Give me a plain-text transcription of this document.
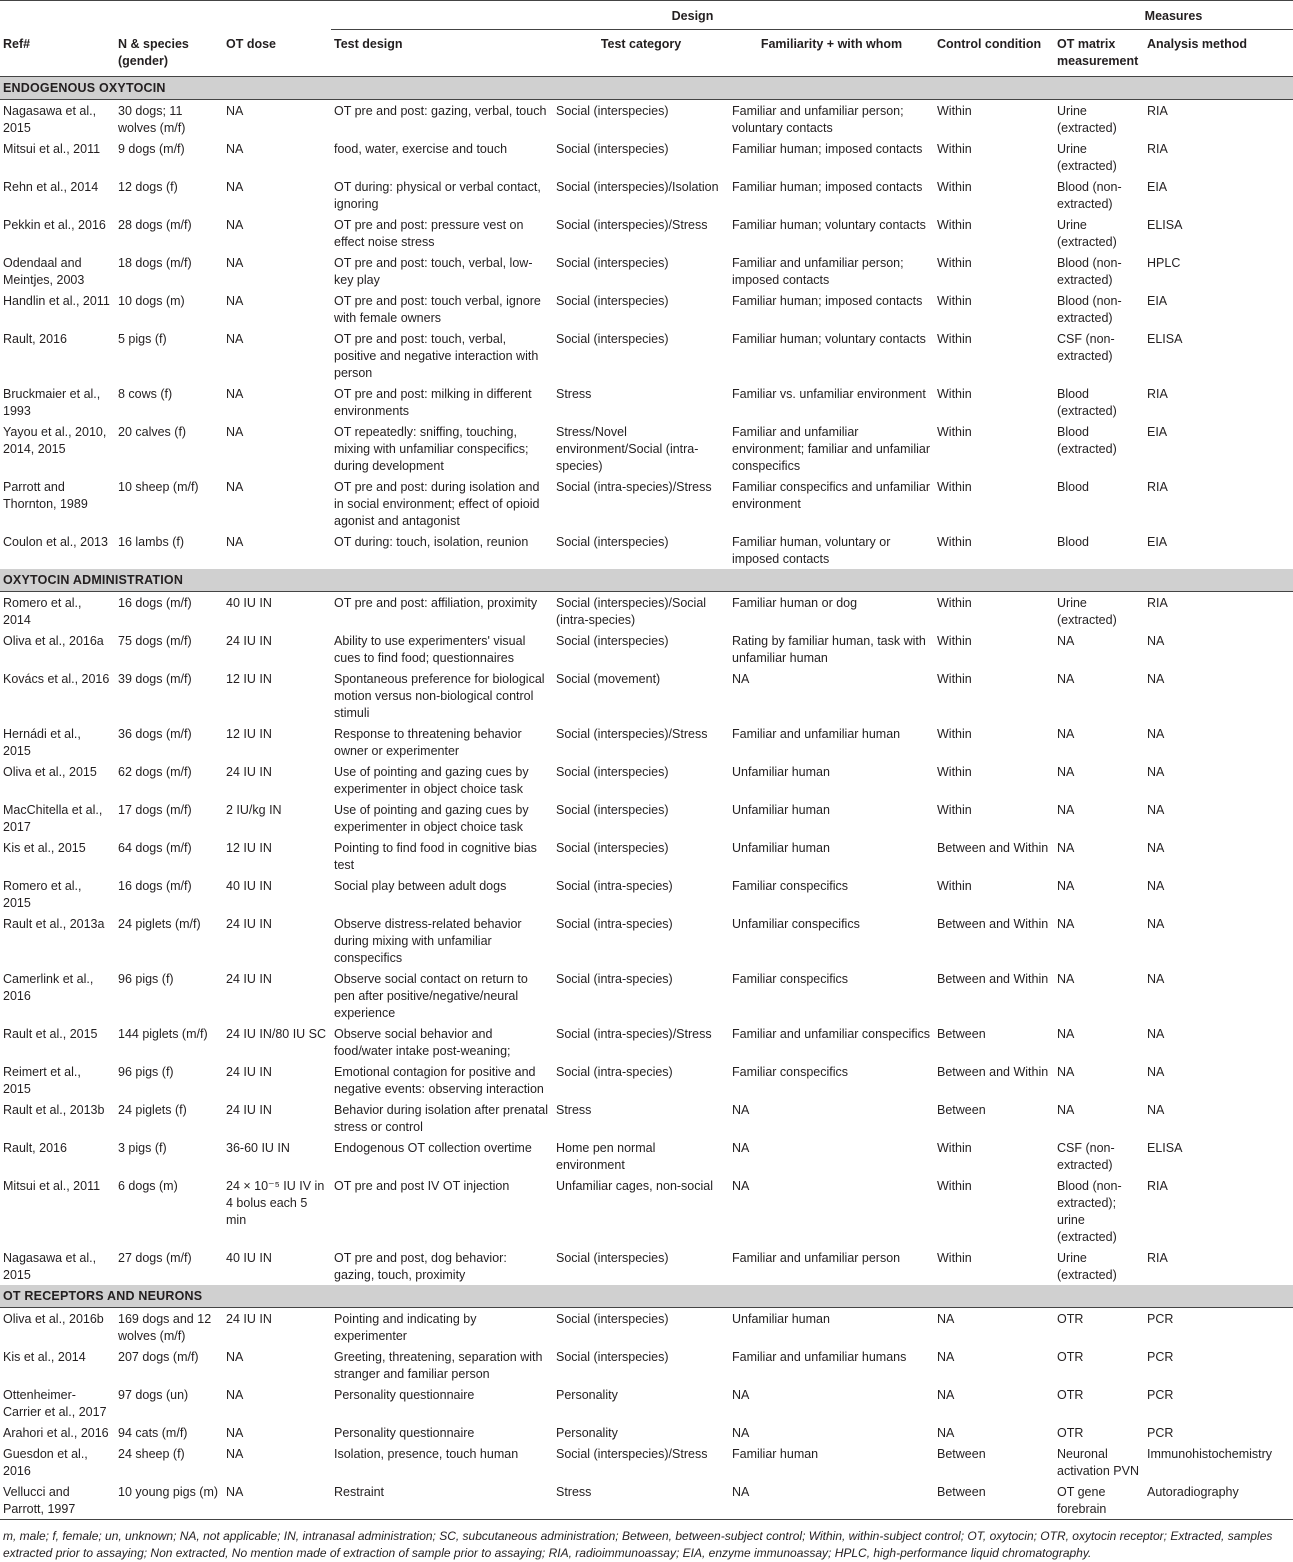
			Design				Measures	
Ref#	N & species (gender)	OT dose	Test design	Test category	Familiarity + with whom	Control condition	OT matrix measurement	Analysis method
ENDOGENOUS OXYTOCIN								
Nagasawa et al., 2015	30 dogs; 11 wolves (m/f)	NA	OT pre and post: gazing, verbal, touch	Social (interspecies)	Familiar and unfamiliar person; voluntary contacts	Within	Urine (extracted)	RIA
Mitsui et al., 2011	9 dogs (m/f)	NA	food, water, exercise and touch	Social (interspecies)	Familiar human; imposed contacts	Within	Urine (extracted)	RIA
Rehn et al., 2014	12 dogs (f)	NA	OT during: physical or verbal contact, ignoring	Social (interspecies)/Isolation	Familiar human; imposed contacts	Within	Blood (non-extracted)	EIA
Pekkin et al., 2016	28 dogs (m/f)	NA	OT pre and post: pressure vest on effect noise stress	Social (interspecies)/Stress	Familiar human; voluntary contacts	Within	Urine (extracted)	ELISA
Odendaal and Meintjes, 2003	18 dogs (m/f)	NA	OT pre and post: touch, verbal, low-key play	Social (interspecies)	Familiar and unfamiliar person; imposed contacts	Within	Blood (non-extracted)	HPLC
Handlin et al., 2011	10 dogs (m)	NA	OT pre and post: touch verbal, ignore with female owners	Social (interspecies)	Familiar human; imposed contacts	Within	Blood (non-extracted)	EIA
Rault, 2016	5 pigs (f)	NA	OT pre and post: touch, verbal, positive and negative interaction with person	Social (interspecies)	Familiar human; voluntary contacts	Within	CSF (non-extracted)	ELISA
Bruckmaier et al., 1993	8 cows (f)	NA	OT pre and post: milking in different environments	Stress	Familiar vs. unfamiliar environment	Within	Blood (extracted)	RIA
Yayou et al., 2010, 2014, 2015	20 calves (f)	NA	OT repeatedly: sniffing, touching, mixing with unfamiliar conspecifics; during development	Stress/Novel environment/Social (intra-species)	Familiar and unfamiliar environment; familiar and unfamiliar conspecifics	Within	Blood (extracted)	EIA
Parrott and Thornton, 1989	10 sheep (m/f)	NA	OT pre and post: during isolation and in social environment; effect of opioid agonist and antagonist	Social (intra-species)/Stress	Familiar conspecifics and unfamiliar environment	Within	Blood	RIA
Coulon et al., 2013	16 lambs (f)	NA	OT during: touch, isolation, reunion	Social (interspecies)	Familiar human, voluntary or imposed contacts	Within	Blood	EIA
OXYTOCIN ADMINISTRATION								
Romero et al., 2014	16 dogs (m/f)	40 IU IN	OT pre and post: affiliation, proximity	Social (interspecies)/Social (intra-species)	Familiar human or dog	Within	Urine (extracted)	RIA
Oliva et al., 2016a	75 dogs (m/f)	24 IU IN	Ability to use experimenters' visual cues to find food; questionnaires	Social (interspecies)	Rating by familiar human, task with unfamiliar human	Within	NA	NA
Kovács et al., 2016	39 dogs (m/f)	12 IU IN	Spontaneous preference for biological motion versus non-biological control stimuli	Social (movement)	NA	Within	NA	NA
Hernádi et al., 2015	36 dogs (m/f)	12 IU IN	Response to threatening behavior owner or experimenter	Social (interspecies)/Stress	Familiar and unfamiliar human	Within	NA	NA
Oliva et al., 2015	62 dogs (m/f)	24 IU IN	Use of pointing and gazing cues by experimenter in object choice task	Social (interspecies)	Unfamiliar human	Within	NA	NA
MacChitella et al., 2017	17 dogs (m/f)	2 IU/kg IN	Use of pointing and gazing cues by experimenter in object choice task	Social (interspecies)	Unfamiliar human	Within	NA	NA
Kis et al., 2015	64 dogs (m/f)	12 IU IN	Pointing to find food in cognitive bias test	Social (interspecies)	Unfamiliar human	Between and Within	NA	NA
Romero et al., 2015	16 dogs (m/f)	40 IU IN	Social play between adult dogs	Social (intra-species)	Familiar conspecifics	Within	NA	NA
Rault et al., 2013a	24 piglets (m/f)	24 IU IN	Observe distress-related behavior during mixing with unfamiliar conspecifics	Social (intra-species)	Unfamiliar conspecifics	Between and Within	NA	NA
Camerlink et al., 2016	96 pigs (f)	24 IU IN	Observe social contact on return to pen after positive/negative/neural experience	Social (intra-species)	Familiar conspecifics	Between and Within	NA	NA
Rault et al., 2015	144 piglets (m/f)	24 IU IN/80 IU SC	Observe social behavior and food/water intake post-weaning;	Social (intra-species)/Stress	Familiar and unfamiliar conspecifics	Between	NA	NA
Reimert et al., 2015	96 pigs (f)	24 IU IN	Emotional contagion for positive and negative events: observing interaction	Social (intra-species)	Familiar conspecifics	Between and Within	NA	NA
Rault et al., 2013b	24 piglets (f)	24 IU IN	Behavior during isolation after prenatal stress or control	Stress	NA	Between	NA	NA
Rault, 2016	3 pigs (f)	36-60 IU IN	Endogenous OT collection overtime	Home pen normal environment	NA	Within	CSF (non-extracted)	ELISA
Mitsui et al., 2011	6 dogs (m)	24 × 10⁻⁵ IU IV in 4 bolus each 5 min	OT pre and post IV OT injection	Unfamiliar cages, non-social	NA	Within	Blood (non-extracted); urine (extracted)	RIA
Nagasawa et al., 2015	27 dogs (m/f)	40 IU IN	OT pre and post, dog behavior: gazing, touch, proximity	Social (interspecies)	Familiar and unfamiliar person	Within	Urine (extracted)	RIA
OT RECEPTORS AND NEURONS								
Oliva et al., 2016b	169 dogs and 12 wolves (m/f)	24 IU IN	Pointing and indicating by experimenter	Social (interspecies)	Unfamiliar human	NA	OTR	PCR
Kis et al., 2014	207 dogs (m/f)	NA	Greeting, threatening, separation with stranger and familiar person	Social (interspecies)	Familiar and unfamiliar humans	NA	OTR	PCR
Ottenheimer-Carrier et al., 2017	97 dogs (un)	NA	Personality questionnaire	Personality	NA	NA	OTR	PCR
Arahori et al., 2016	94 cats (m/f)	NA	Personality questionnaire	Personality	NA	NA	OTR	PCR
Guesdon et al., 2016	24 sheep (f)	NA	Isolation, presence, touch human	Social (interspecies)/Stress	Familiar human	Between	Neuronal activation PVN	Immunohistochemistry
Vellucci and Parrott, 1997	10 young pigs (m)	NA	Restraint	Stress	NA	Between	OT gene forebrain	Autoradiography
m, male; f, female; un, unknown; NA, not applicable; IN, intranasal administration; SC, subcutaneous administration; Between, between-subject control; Within, within-subject control; OT, oxytocin; OTR, oxytocin receptor; Extracted, samples extracted prior to assaying; Non extracted, No mention made of extraction of sample prior to assaying; RIA, radioimmunoassay; EIA, enzyme immunoassay; HPLC, high-performance liquid chromatography.
